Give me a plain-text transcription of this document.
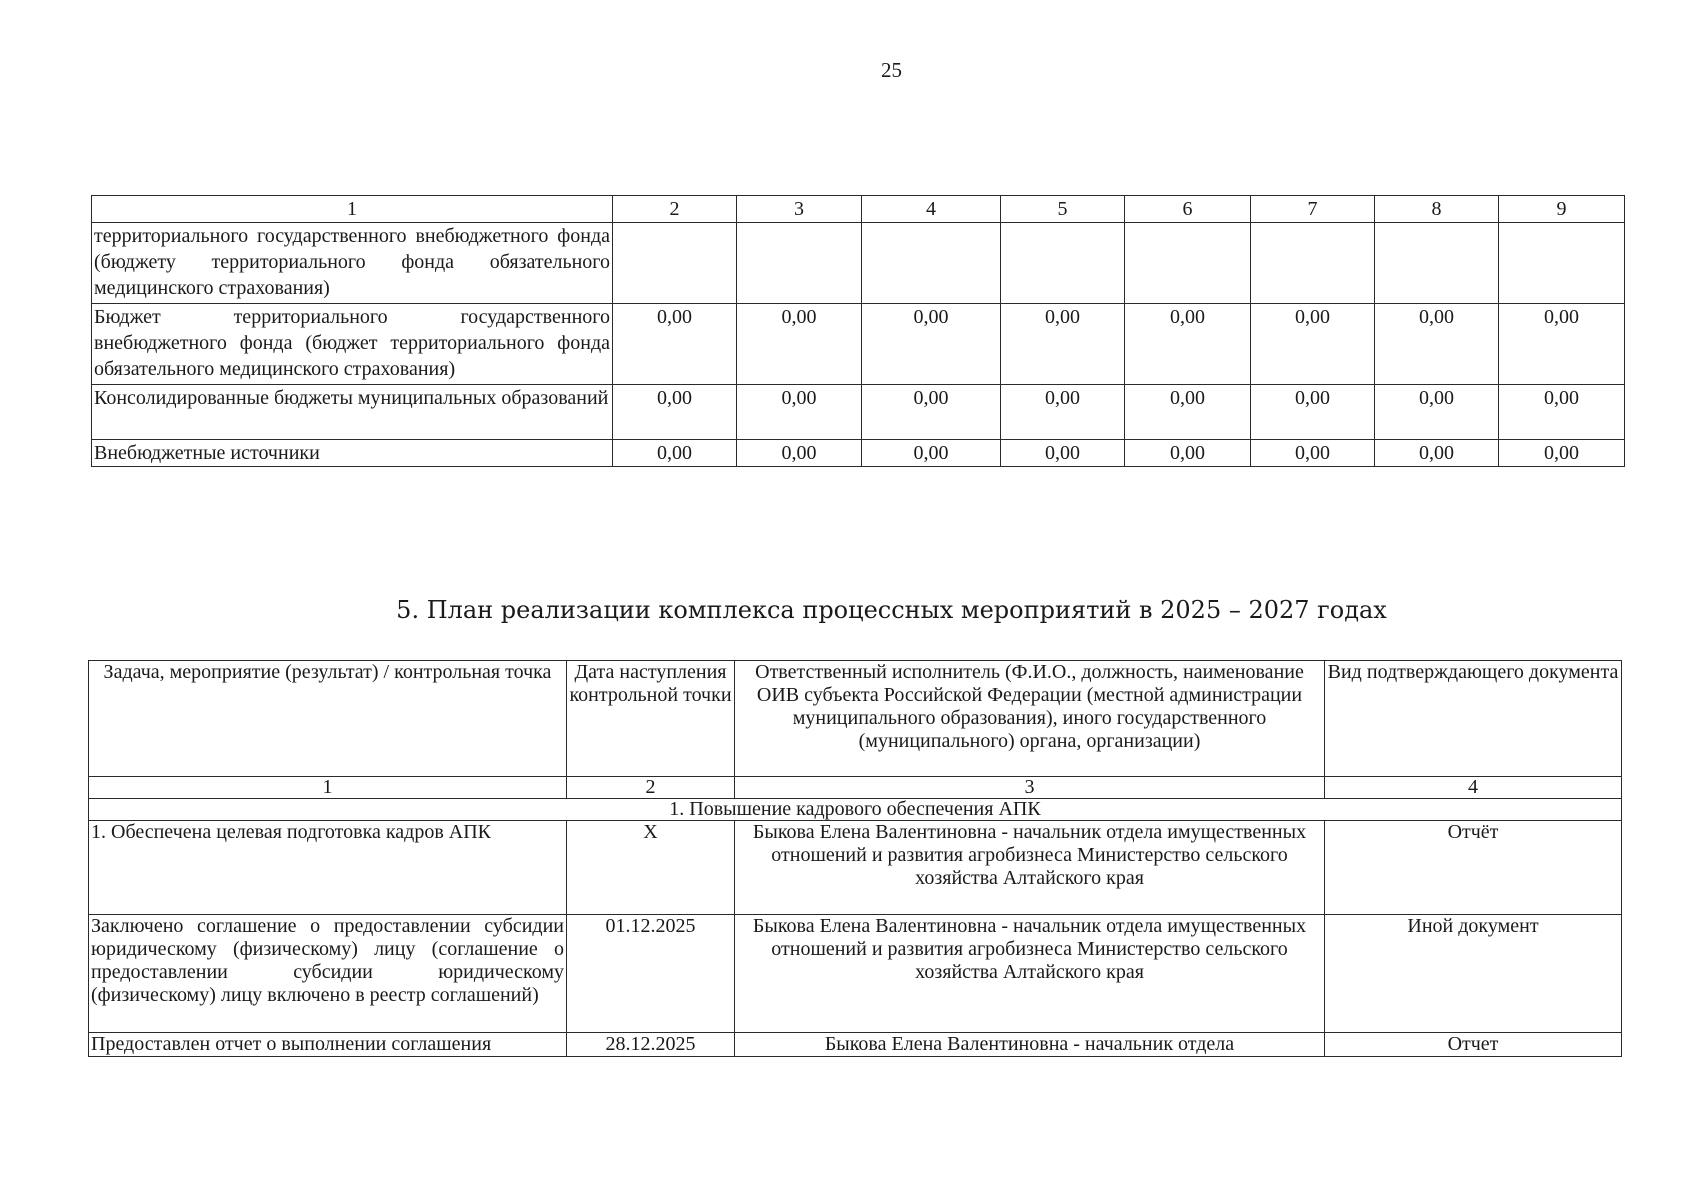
25
1	2	3	4	5	6	7	8	9
территориального государственного внебюджетного фонда (бюджету территориального фонда обязательного медицинского страхования)								
Бюджет территориального государственного внебюджетного фонда (бюджет территориального фонда обязательного медицинского страхования)	0,00	0,00	0,00	0,00	0,00	0,00	0,00	0,00
Консолидированные бюджеты муниципальных образований	0,00	0,00	0,00	0,00	0,00	0,00	0,00	0,00
Внебюджетные источники	0,00	0,00	0,00	0,00	0,00	0,00	0,00	0,00
5. План реализации комплекса процессных мероприятий в 2025 – 2027 годах
Задача, мероприятие (результат) / контрольная точка	Дата наступления контрольной точки	Ответственный исполнитель (Ф.И.О., должность, наименование ОИВ субъекта Российской Федерации (местной администрации муниципального образования), иного государственного (муниципального) органа, организации)	Вид подтверждающего документа
1	2	3	4
1. Повышение кадрового обеспечения АПК			
1. Обеспечена целевая подготовка кадров АПК	X	Быкова Елена Валентиновна - начальник отдела имущественных отношений и развития агробизнеса Министерство сельского хозяйства Алтайского края	Отчёт
Заключено соглашение о предоставлении субсидии юридическому (физическому) лицу (соглашение о предоставлении субсидии юридическому (физическому) лицу включено в реестр соглашений)	01.12.2025	Быкова Елена Валентиновна - начальник отдела имущественных отношений и развития агробизнеса Министерство сельского хозяйства Алтайского края	Иной документ
Предоставлен отчет о выполнении соглашения	28.12.2025	Быкова Елена Валентиновна - начальник отдела	Отчет
